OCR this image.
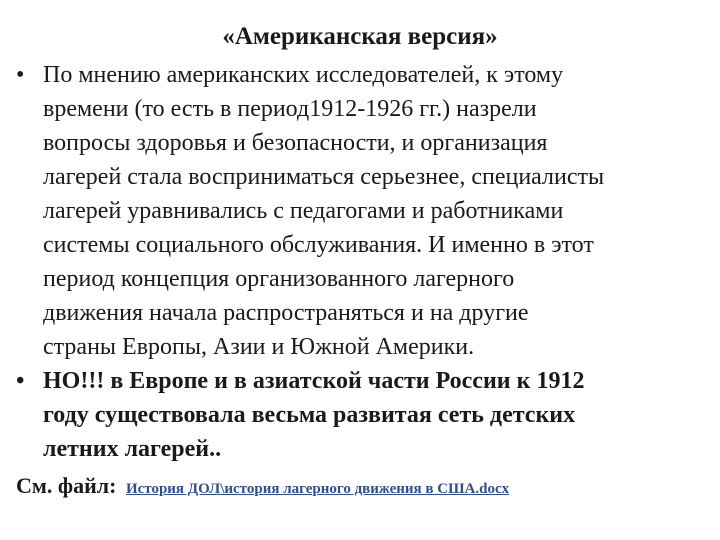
«Американская версия»
• По мнению американских исследователей, к этому
времени (то есть в период1912-1926 гг.) назрели
вопросы здоровья и безопасности, и организация
лагерей стала восприниматься серьезнее, специалисты
лагерей уравнивались с педагогами и работниками
системы социального обслуживания. И именно в этот
период концепция организованного лагерного
движения начала распространяться и на другие
страны Европы, Азии и Южной Америки.
• НО!!! в Европе и в азиатской части России к 1912
году существовала весьма развитая сеть детских
летних лагерей..
См. файл: История ДОЛ\история лагерного движения в США.docx
